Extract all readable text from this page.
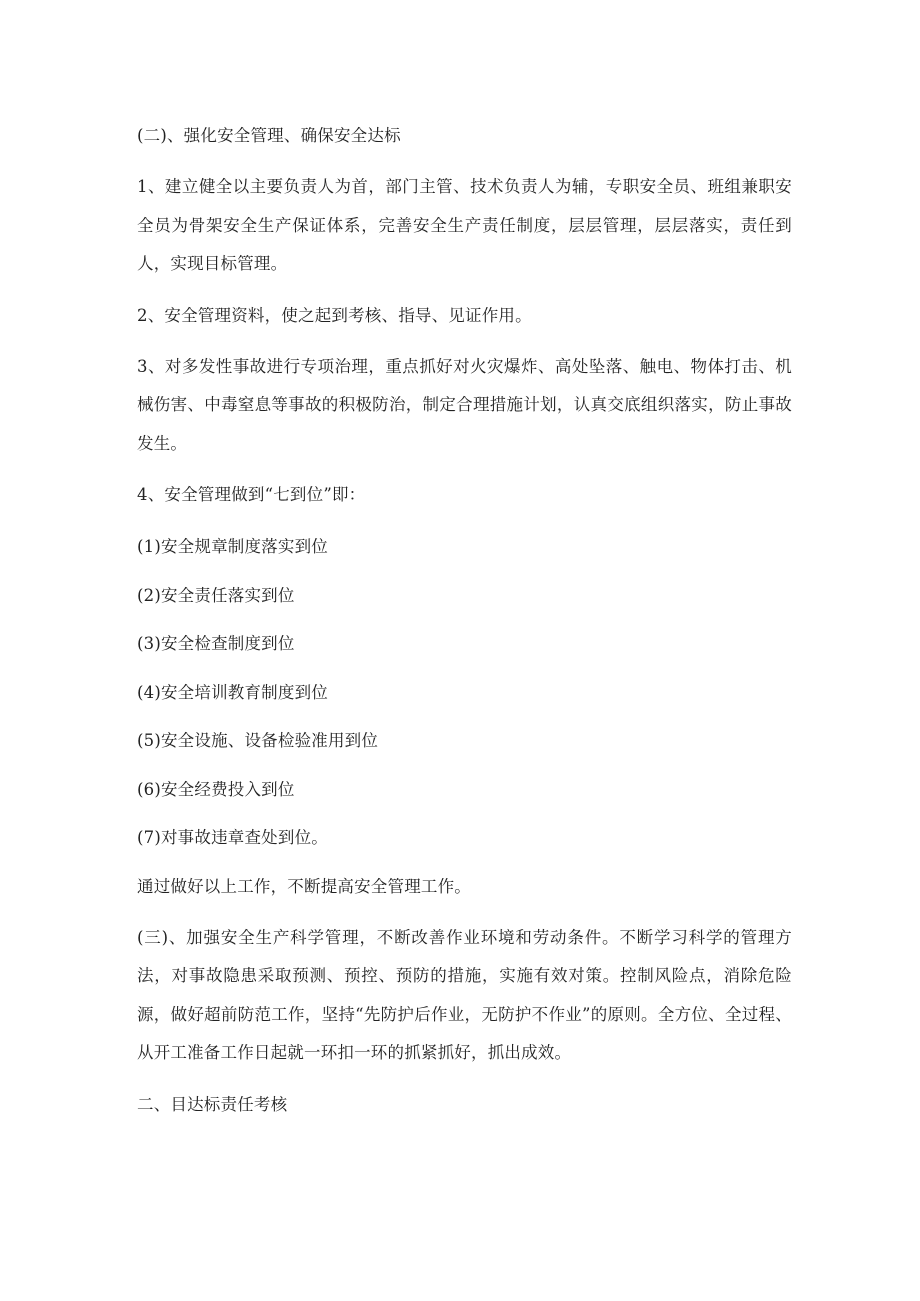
(二)、强化安全管理、确保安全达标

1、建立健全以主要负责人为首，部门主管、技术负责人为辅，专职安全员、班组兼职安全员为骨架安全生产保证体系，完善安全生产责任制度，层层管理，层层落实，责任到人，实现目标管理。

2、安全管理资料，使之起到考核、指导、见证作用。

3、对多发性事故进行专项治理，重点抓好对火灾爆炸、高处坠落、触电、物体打击、机械伤害、中毒窒息等事故的积极防治，制定合理措施计划，认真交底组织落实，防止事故发生。

4、安全管理做到“七到位”即：

(1)安全规章制度落实到位

(2)安全责任落实到位

(3)安全检查制度到位

(4)安全培训教育制度到位

(5)安全设施、设备检验准用到位

(6)安全经费投入到位

(7)对事故违章查处到位。

通过做好以上工作，不断提高安全管理工作。

(三)、加强安全生产科学管理，不断改善作业环境和劳动条件。不断学习科学的管理方法，对事故隐患采取预测、预控、预防的措施，实施有效对策。控制风险点，消除危险源，做好超前防范工作，坚持“先防护后作业，无防护不作业”的原则。全方位、全过程、从开工准备工作日起就一环扣一环的抓紧抓好，抓出成效。

二、目达标责任考核
